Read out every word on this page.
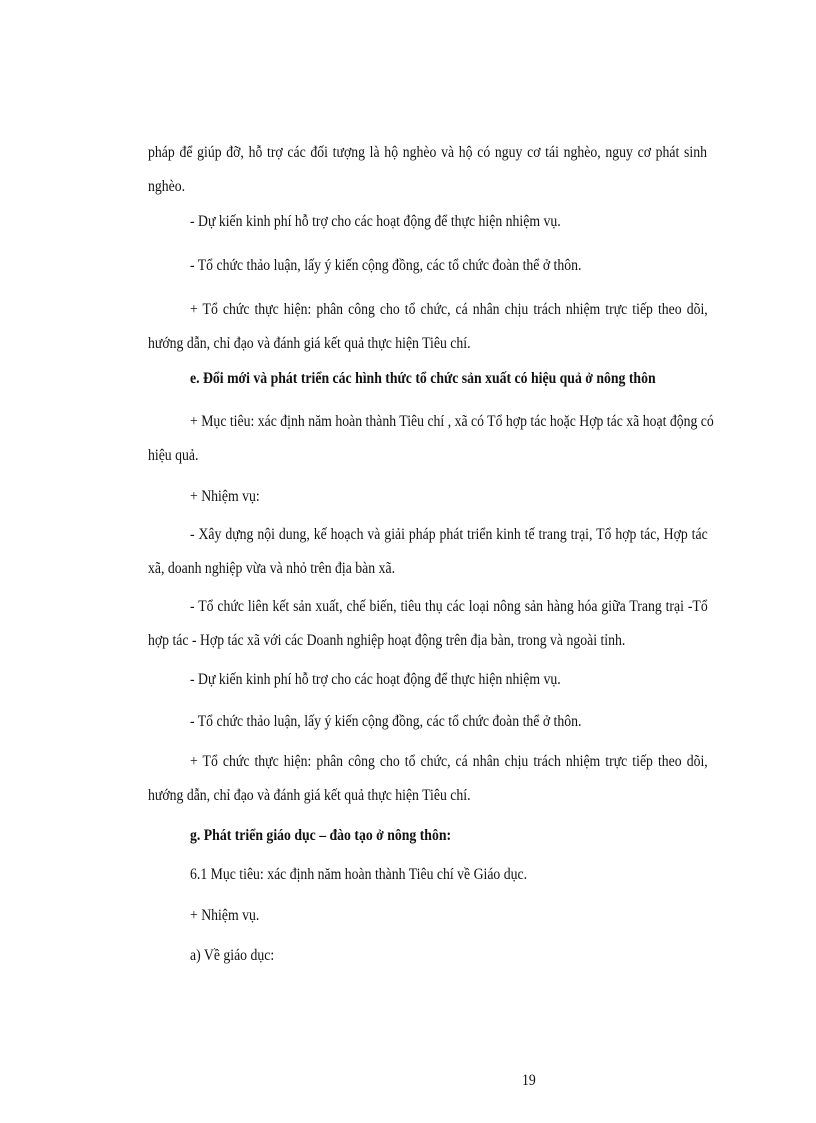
pháp để giúp đỡ, hỗ trợ các đối tượng là hộ nghèo và hộ có nguy cơ tái nghèo, nguy cơ phát sinh
nghèo.
- Dự kiến kinh phí hỗ trợ cho các hoạt động để thực hiện nhiệm vụ.
- Tổ chức thảo luận, lấy ý kiến cộng đồng, các tổ chức đoàn thể ở thôn.
+ Tổ chức thực hiện: phân công cho tổ chức, cá nhân chịu trách nhiệm trực tiếp theo dõi,
hướng dẫn, chỉ đạo và đánh giá kết quả thực hiện Tiêu chí.
e. Đổi mới và phát triển các hình thức tổ chức sản xuất có hiệu quả ở nông thôn
+ Mục tiêu: xác định năm hoàn thành Tiêu chí , xã có Tổ hợp tác hoặc Hợp tác xã hoạt động có
hiệu quả.
+ Nhiệm vụ:
- Xây dựng nội dung, kế hoạch và giải pháp phát triển kinh tế trang trại, Tổ hợp tác, Hợp tác
xã, doanh nghiệp vừa và nhỏ trên địa bàn xã.
- Tổ chức liên kết sản xuất, chế biến, tiêu thụ các loại nông sản hàng hóa giữa Trang trại -Tổ
hợp tác - Hợp tác xã với các Doanh nghiệp hoạt động trên địa bàn, trong và ngoài tỉnh.
- Dự kiến kinh phí hỗ trợ cho các hoạt động để thực hiện nhiệm vụ.
- Tổ chức thảo luận, lấy ý kiến cộng đồng, các tổ chức đoàn thể ở thôn.
+ Tổ chức thực hiện: phân công cho tổ chức, cá nhân chịu trách nhiệm trực tiếp theo dõi,
hướng dẫn, chỉ đạo và đánh giá kết quả thực hiện Tiêu chí.
g. Phát triển giáo dục – đào tạo ở nông thôn:
6.1 Mục tiêu: xác định năm hoàn thành Tiêu chí về Giáo dục.
+ Nhiệm vụ.
a) Về giáo dục:
19
